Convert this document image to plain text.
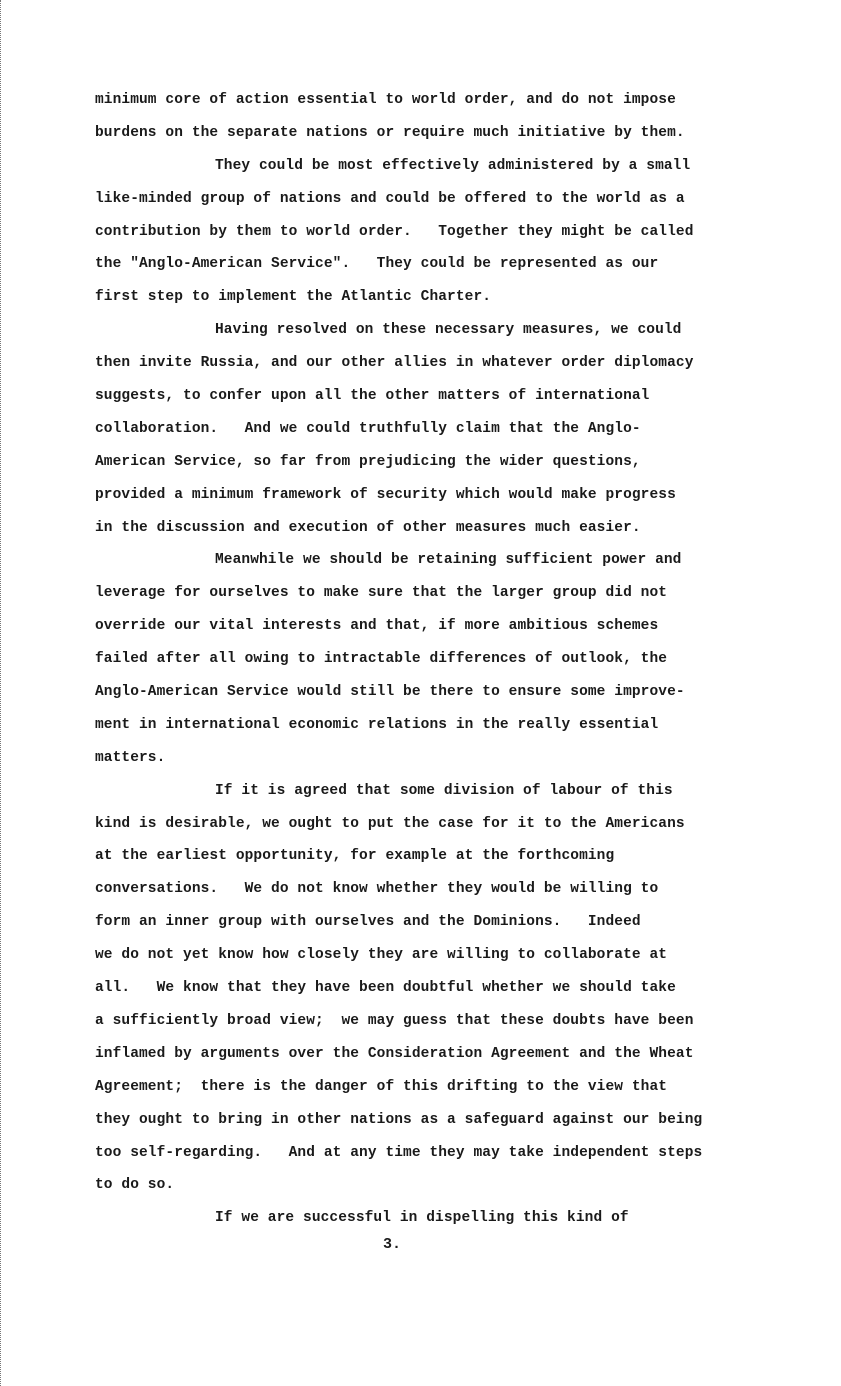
minimum core of action essential to world order, and do not impose
burdens on the separate nations or require much initiative by them.
They could be most effectively administered by a small
like-minded group of nations and could be offered to the world as a
contribution by them to world order.   Together they might be called
the "Anglo-American Service".   They could be represented as our
first step to implement the Atlantic Charter.
Having resolved on these necessary measures, we could
then invite Russia, and our other allies in whatever order diplomacy
suggests, to confer upon all the other matters of international
collaboration.   And we could truthfully claim that the Anglo-
American Service, so far from prejudicing the wider questions,
provided a minimum framework of security which would make progress
in the discussion and execution of other measures much easier.
Meanwhile we should be retaining sufficient power and
leverage for ourselves to make sure that the larger group did not
override our vital interests and that, if more ambitious schemes
failed after all owing to intractable differences of outlook, the
Anglo-American Service would still be there to ensure some improve-
ment in international economic relations in the really essential
matters.
If it is agreed that some division of labour of this
kind is desirable, we ought to put the case for it to the Americans
at the earliest opportunity, for example at the forthcoming
conversations.   We do not know whether they would be willing to
form an inner group with ourselves and the Dominions.   Indeed
we do not yet know how closely they are willing to collaborate at
all.   We know that they have been doubtful whether we should take
a sufficiently broad view;  we may guess that these doubts have been
inflamed by arguments over the Consideration Agreement and the Wheat
Agreement;  there is the danger of this drifting to the view that
they ought to bring in other nations as a safeguard against our being
too self-regarding.   And at any time they may take independent steps
to do so.
If we are successful in dispelling this kind of
3.
